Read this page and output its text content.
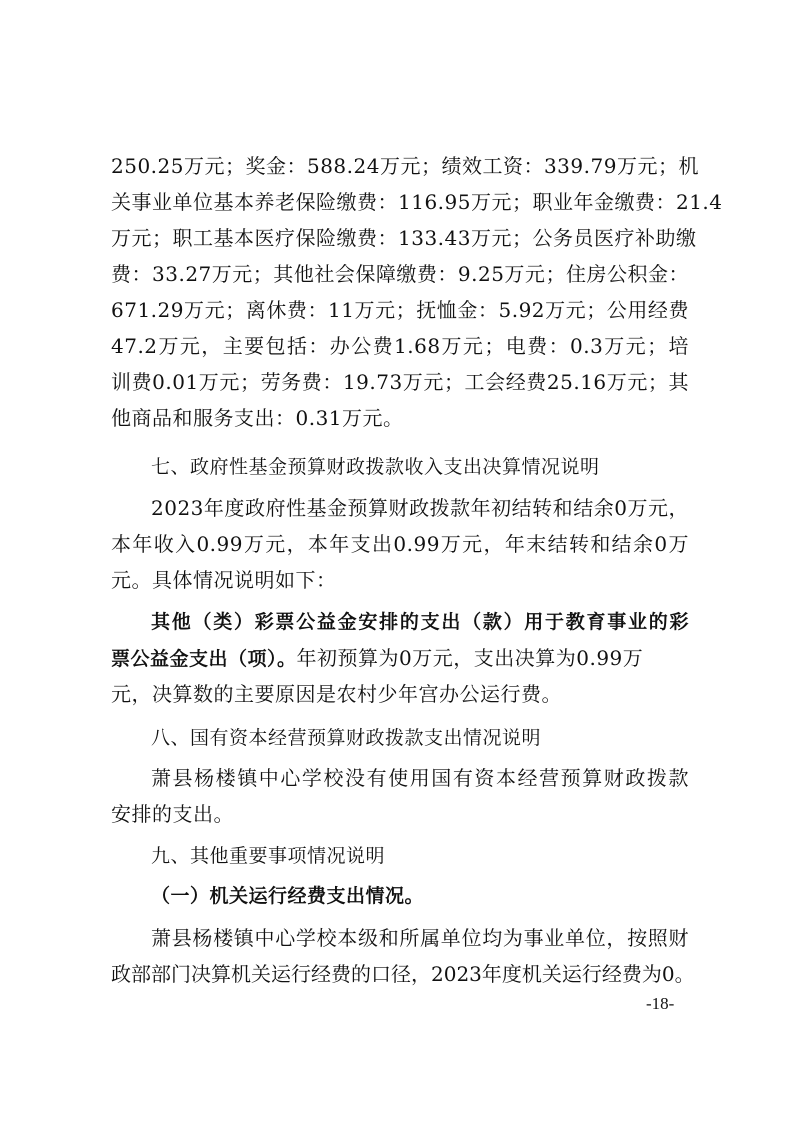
250.25万元；奖金：588.24万元；绩效工资：339.79万元；机
关事业单位基本养老保险缴费：116.95万元；职业年金缴费：21.4
万元；职工基本医疗保险缴费：133.43万元；公务员医疗补助缴
费：33.27万元；其他社会保障缴费：9.25万元；住房公积金：
671.29万元；离休费：11万元；抚恤金：5.92万元；公用经费
47.2万元，主要包括：办公费1.68万元；电费：0.3万元；培
训费0.01万元；劳务费：19.73万元；工会经费25.16万元；其
他商品和服务支出：0.31万元。
七、政府性基金预算财政拨款收入支出决算情况说明
2023年度政府性基金预算财政拨款年初结转和结余0万元，
本年收入0.99万元，本年支出0.99万元，年末结转和结余0万
元。具体情况说明如下：
其他（类）彩票公益金安排的支出（款）用于教育事业的彩
票公益金支出（项）。年初预算为0万元，支出决算为0.99万
元，决算数的主要原因是农村少年宫办公运行费。
八、国有资本经营预算财政拨款支出情况说明
萧县杨楼镇中心学校没有使用国有资本经营预算财政拨款
安排的支出。
九、其他重要事项情况说明
（一）机关运行经费支出情况。
萧县杨楼镇中心学校本级和所属单位均为事业单位，按照财
政部部门决算机关运行经费的口径，2023年度机关运行经费为0。
-18-
